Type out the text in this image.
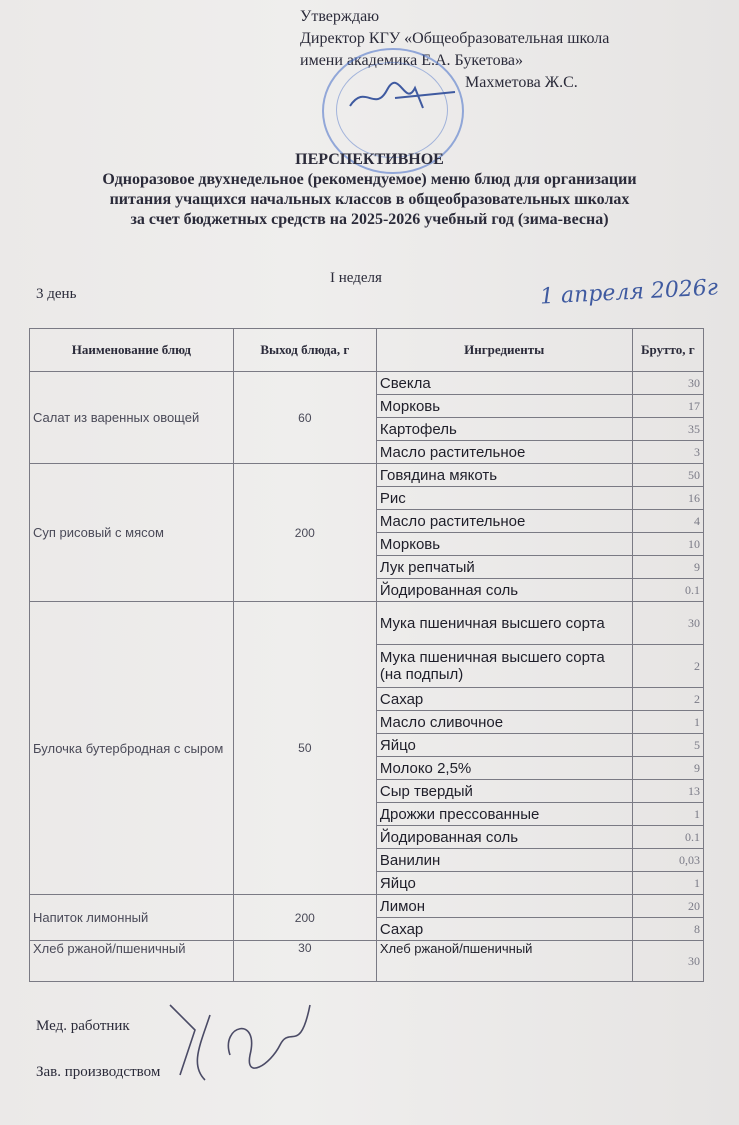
Утверждаю
Директор КГУ «Общеобразовательная школа
имени академика Е.А. Букетова»
Махметова Ж.С.
ПЕРСПЕКТИВНОЕ
Одноразовое двухнедельное (рекомендуемое) меню блюд для организации
питания учащихся начальных классов в общеобразовательных школах
за счет бюджетных средств на 2025-2026 учебный год (зима-весна)
I неделя
3 день	1 апреля 2026г
Наименование блюд	Выход блюда, г	Ингредиенты	Брутто, г
Салат из варенных овощей	60	Свекла	30
		Морковь	17
		Картофель	35
		Масло растительное	3
Суп рисовый с мясом	200	Говядина мякоть	50
		Рис	16
		Масло растительное	4
		Морковь	10
		Лук репчатый	9
		Йодированная соль	0.1
Булочка бутербродная с сыром	50	Мука пшеничная высшего сорта	30
		Мука пшеничная высшего сорта (на подпыл)	2
		Сахар	2
		Масло сливочное	1
		Яйцо	5
		Молоко 2,5%	9
		Сыр твердый	13
		Дрожжи прессованные	1
		Йодированная соль	0.1
		Ванилин	0,03
		Яйцо	1
Напиток лимонный	200	Лимон	20
		Сахар	8
Хлеб ржаной/пшеничный	30	Хлеб ржаной/пшеничный	30
Мед. работник
Зав. производством
